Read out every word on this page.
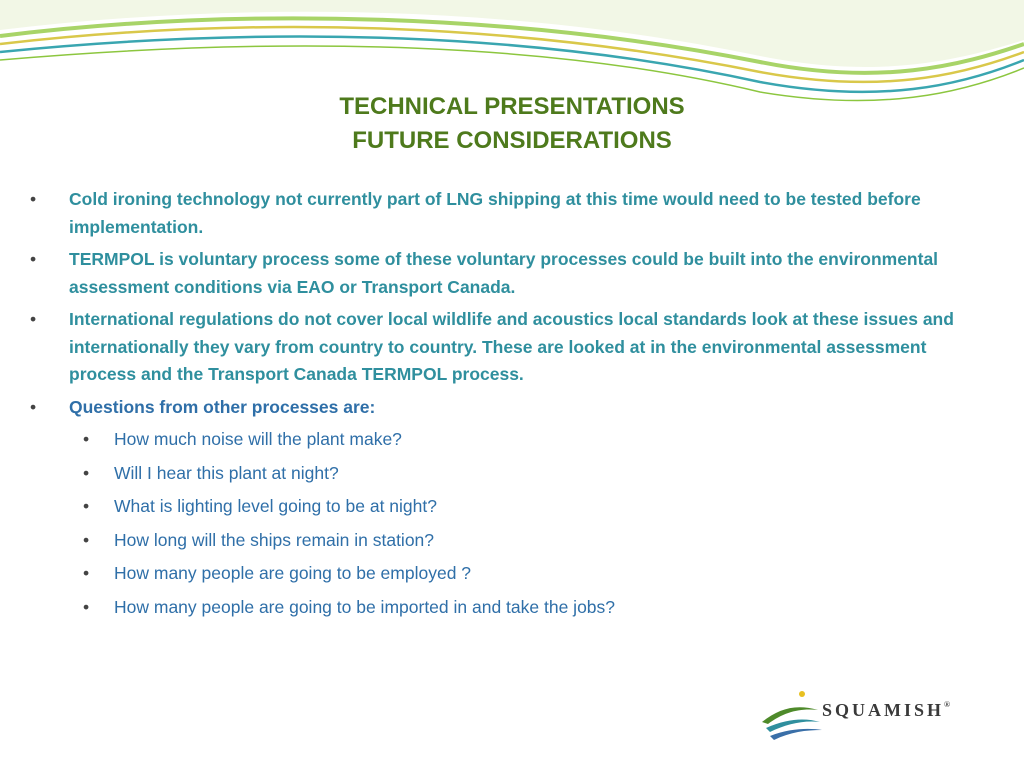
TECHNICAL PRESENTATIONS
FUTURE CONSIDERATIONS
• Cold ironing technology not currently part of LNG shipping at this time would need to be tested before implementation.
• TERMPOL is voluntary process some of these voluntary processes could be built into the environmental assessment conditions via EAO or Transport Canada.
• International regulations do not cover local wildlife and acoustics local standards look at these issues and internationally they vary from country to country. These are looked at in the environmental assessment process and the Transport Canada TERMPOL process.
• Questions from other processes are:
• How much noise will the plant make?
• Will I hear this plant at night?
• What is lighting level going to be at night?
• How long will the ships remain in station?
• How many people are going to be employed ?
• How many people are going to be imported in and take the jobs?
SQUAMISH®
